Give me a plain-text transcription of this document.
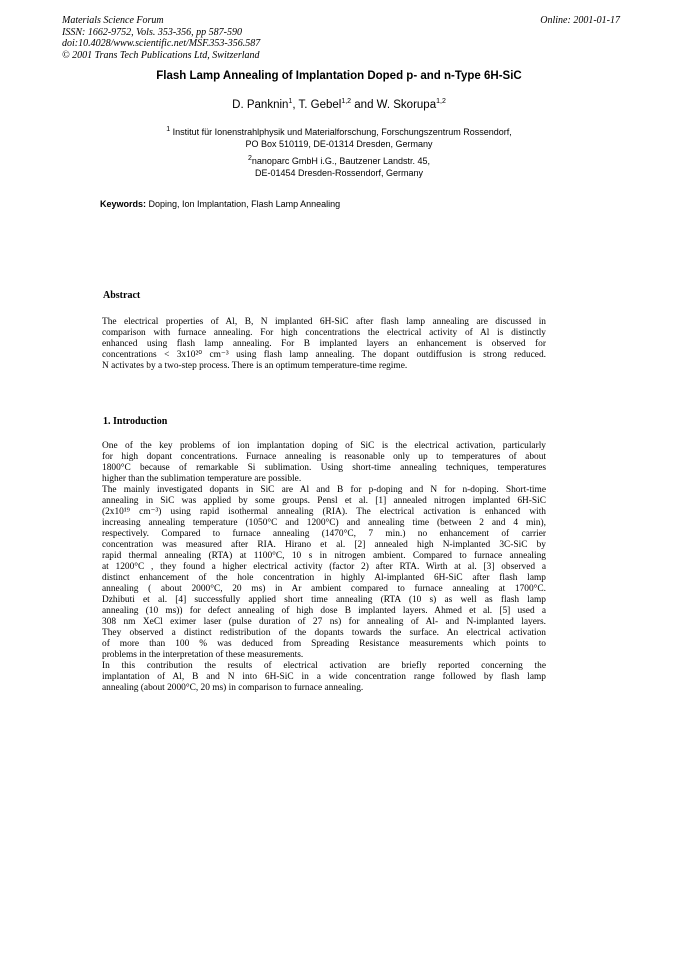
Materials Science Forum
ISSN: 1662-9752, Vols. 353-356, pp 587-590
doi:10.4028/www.scientific.net/MSF.353-356.587
© 2001 Trans Tech Publications Ltd, Switzerland
Online: 2001-01-17
Flash Lamp Annealing of Implantation Doped p- and n-Type 6H-SiC
D. Panknin$^1$, T. Gebel$^{1,2}$ and W. Skorupa$^{1,2}$
$^1$ Institut für Ionenstrahlphysik und Materialforschung, Forschungszentrum Rossendorf,
PO Box 510119, DE-01314 Dresden, Germany
$^2$nanoparc GmbH i.G., Bautzener Landstr. 45,
DE-01454 Dresden-Rossendorf, Germany
Keywords: Doping, Ion Implantation, Flash Lamp Annealing
Abstract
The electrical properties of Al, B, N implanted 6H-SiC after flash lamp annealing are discussed in
comparison with furnace annealing. For high concentrations the electrical activity of Al is distinctly
enhanced using flash lamp annealing. For B implanted layers an enhancement is observed for
concentrations < 3x10²⁰ cm⁻³ using flash lamp annealing. The dopant outdiffusion is strong reduced.
N activates by a two-step process. There is an optimum temperature-time regime.
1. Introduction
One of the key problems of ion implantation doping of SiC is the electrical activation, particularly
for high dopant concentrations. Furnace annealing is reasonable only up to temperatures of about
1800°C because of remarkable Si sublimation. Using short-time annealing techniques, temperatures
higher than the sublimation temperature are possible.
The mainly investigated dopants in SiC are Al and B for p-doping and N for n-doping. Short-time
annealing in SiC was applied by some groups. Pensl et al. [1] annealed nitrogen implanted 6H-SiC
(2x10¹⁹ cm⁻³) using rapid isothermal annealing (RIA). The electrical activation is enhanced with
increasing annealing temperature (1050°C and 1200°C) and annealing time (between 2 and 4 min),
respectively. Compared to furnace annealing (1470°C, 7 min.) no enhancement of carrier
concentration was measured after RIA. Hirano et al. [2] annealed high N-implanted 3C-SiC by
rapid thermal annealing (RTA) at 1100°C, 10 s in nitrogen ambient. Compared to furnace annealing
at 1200°C , they found a higher electrical activity (factor 2) after RTA. Wirth at al. [3] observed a
distinct enhancement of the hole concentration in highly Al-implanted 6H-SiC after flash lamp
annealing ( about 2000°C, 20 ms) in Ar ambient compared to furnace annealing at 1700°C.
Dzhibuti et al. [4] successfully applied short time annealing (RTA (10 s) as well as flash lamp
annealing (10 ms)) for defect annealing of high dose B implanted layers. Ahmed et al. [5] used a
308 nm XeCl eximer laser (pulse duration of 27 ns) for annealing of Al- and N-implanted layers.
They observed a distinct redistribution of the dopants towards the surface. An electrical activation
of more than 100 % was deduced from Spreading Resistance measurements which points to
problems in the interpretation of these measurements.
In this contribution the results of electrical activation are briefly reported concerning the
implantation of Al, B and N into 6H-SiC in a wide concentration range followed by flash lamp
annealing (about 2000°C, 20 ms) in comparison to furnace annealing.
